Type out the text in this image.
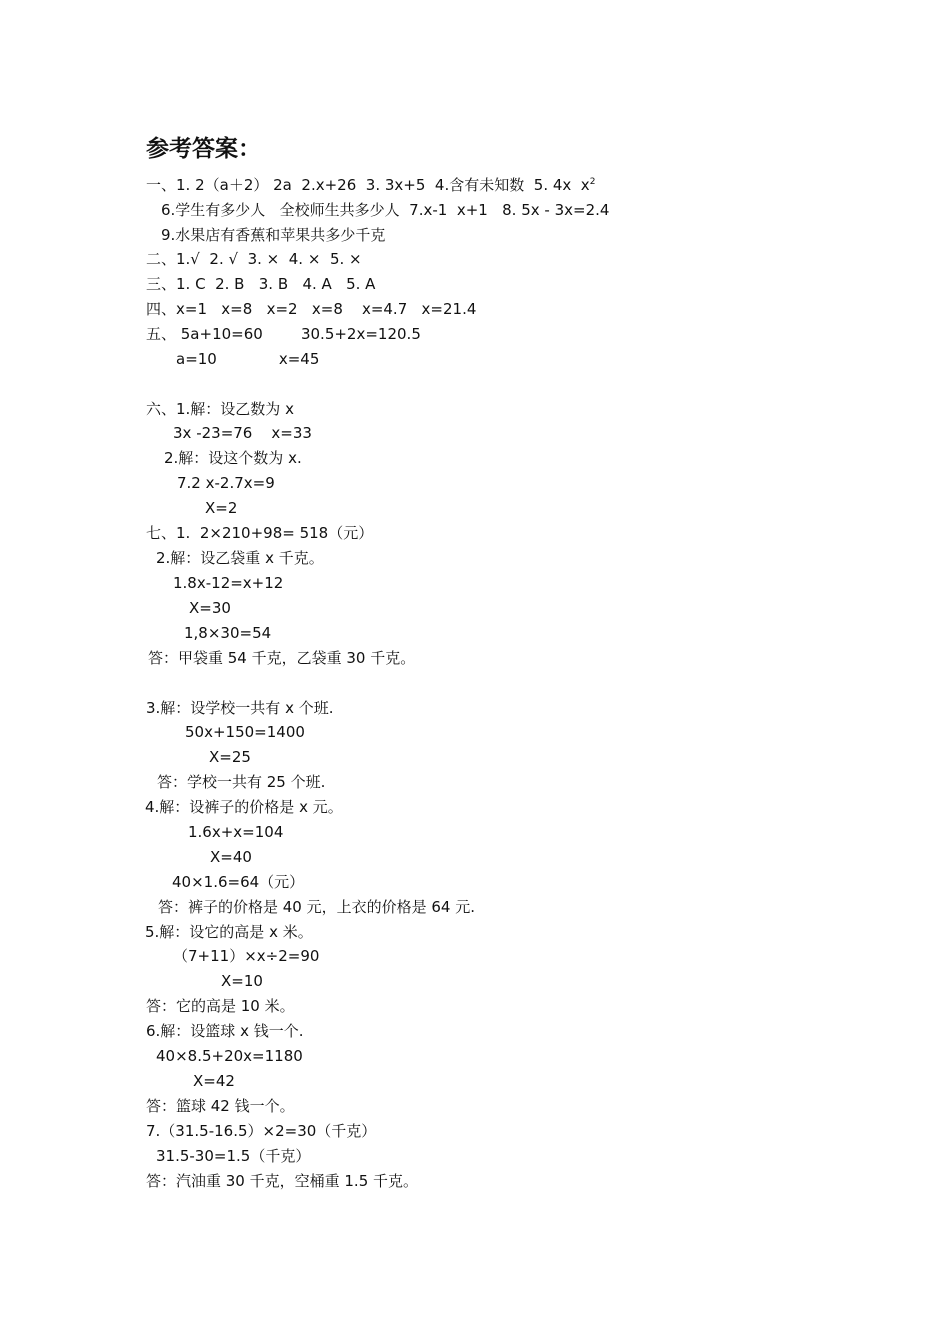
参考答案：
一、1. 2（a＋2） 2a  2.x+26  3. 3x+5  4.含有未知数  5. 4x  $x^2$
6.学生有多少人   全校师生共多少人  7.x-1  x+1   8. 5x - 3x=2.4
9.水果店有香蕉和苹果共多少千克
二、1.√  2. √  3. ×  4. ×  5. ×
三、1. C  2. B   3. B   4. A   5. A
四、x=1   x=8   x=2   x=8    x=4.7   x=21.4
五、 5a+10=60        30.5+2x=120.5
a=10             x=45
六、1.解：设乙数为 x
3x -23=76    x=33
2.解：设这个数为 x.
7.2 x-2.7x=9
X=2
七、1.  2×210+98= 518（元）
2.解：设乙袋重 x 千克。
1.8x-12=x+12
X=30
1,8×30=54
答：甲袋重 54 千克，乙袋重 30 千克。
3.解：设学校一共有 x 个班.
50x+150=1400
X=25
答：学校一共有 25 个班.
4.解：设裤子的价格是 x 元。
1.6x+x=104
X=40
40×1.6=64（元）
答：裤子的价格是 40 元，上衣的价格是 64 元.
5.解：设它的高是 x 米。
（7+11）×x÷2=90
X=10
答：它的高是 10 米。
6.解：设篮球 x 钱一个.
40×8.5+20x=1180
X=42
答：篮球 42 钱一个。
7.（31.5-16.5）×2=30（千克）
31.5-30=1.5（千克）
答：汽油重 30 千克，空桶重 1.5 千克。
